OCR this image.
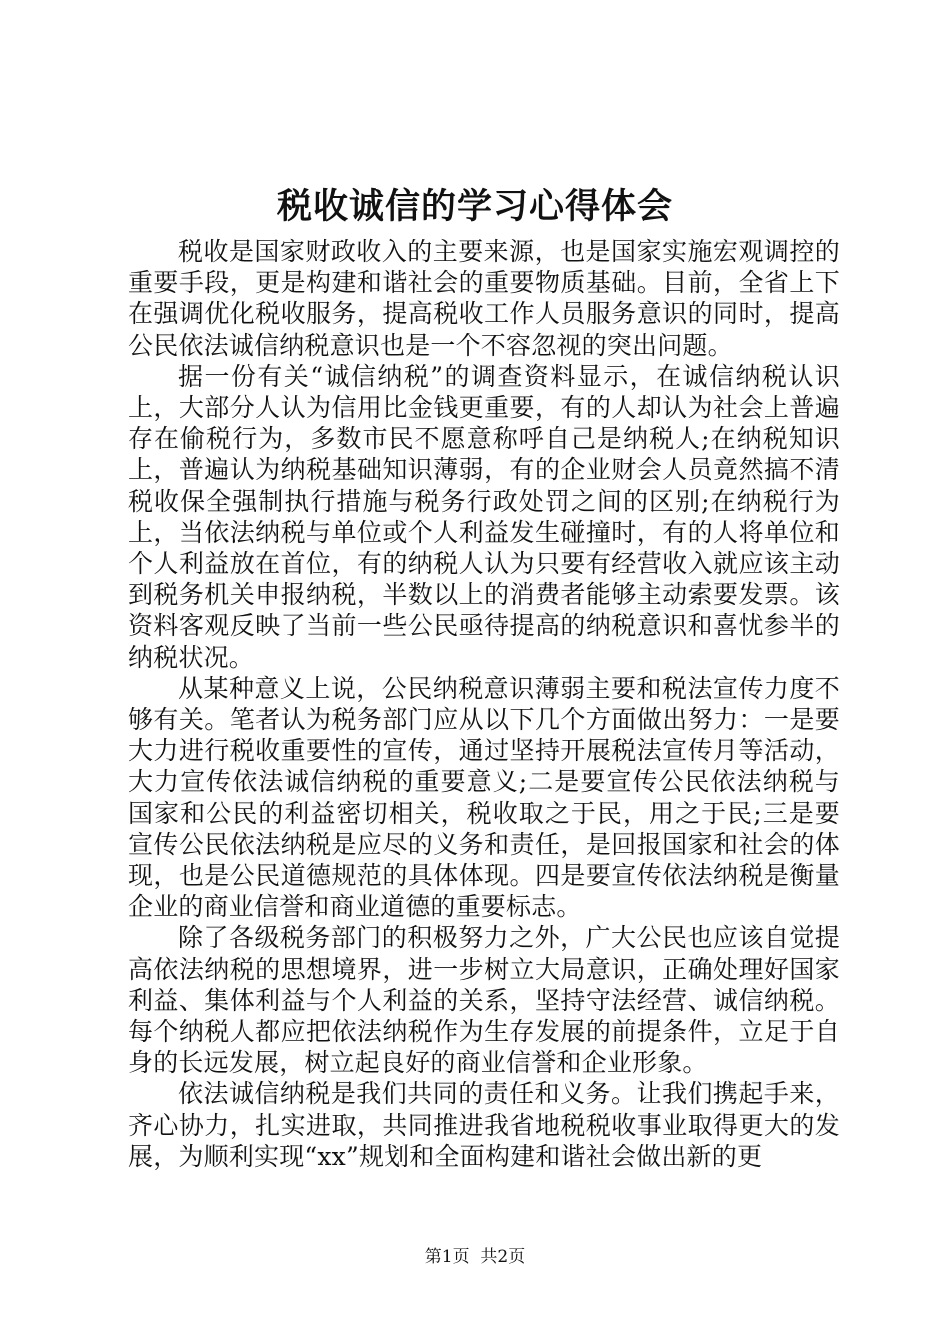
税收诚信的学习心得体会

税收是国家财政收入的主要来源，也是国家实施宏观调控的重要手段，更是构建和谐社会的重要物质基础。目前，全省上下在强调优化税收服务，提高税收工作人员服务意识的同时，提高公民依法诚信纳税意识也是一个不容忽视的突出问题。

据一份有关“诚信纳税”的调查资料显示，在诚信纳税认识上，大部分人认为信用比金钱更重要，有的人却认为社会上普遍存在偷税行为，多数市民不愿意称呼自己是纳税人;在纳税知识上，普遍认为纳税基础知识薄弱，有的企业财会人员竟然搞不清税收保全强制执行措施与税务行政处罚之间的区别;在纳税行为上，当依法纳税与单位或个人利益发生碰撞时，有的人将单位和个人利益放在首位，有的纳税人认为只要有经营收入就应该主动到税务机关申报纳税，半数以上的消费者能够主动索要发票。该资料客观反映了当前一些公民亟待提高的纳税意识和喜忧参半的纳税状况。

从某种意义上说，公民纳税意识薄弱主要和税法宣传力度不够有关。笔者认为税务部门应从以下几个方面做出努力：一是要大力进行税收重要性的宣传，通过坚持开展税法宣传月等活动，大力宣传依法诚信纳税的重要意义;二是要宣传公民依法纳税与国家和公民的利益密切相关，税收取之于民，用之于民;三是要宣传公民依法纳税是应尽的义务和责任，是回报国家和社会的体现，也是公民道德规范的具体体现。四是要宣传依法纳税是衡量企业的商业信誉和商业道德的重要标志。

除了各级税务部门的积极努力之外，广大公民也应该自觉提高依法纳税的思想境界，进一步树立大局意识，正确处理好国家利益、集体利益与个人利益的关系，坚持守法经营、诚信纳税。每个纳税人都应把依法纳税作为生存发展的前提条件，立足于自身的长远发展，树立起良好的商业信誉和企业形象。

依法诚信纳税是我们共同的责任和义务。让我们携起手来，齐心协力，扎实进取，共同推进我省地税税收事业取得更大的发展，为顺利实现“xx”规划和全面构建和谐社会做出新的更

第1页  共2页
